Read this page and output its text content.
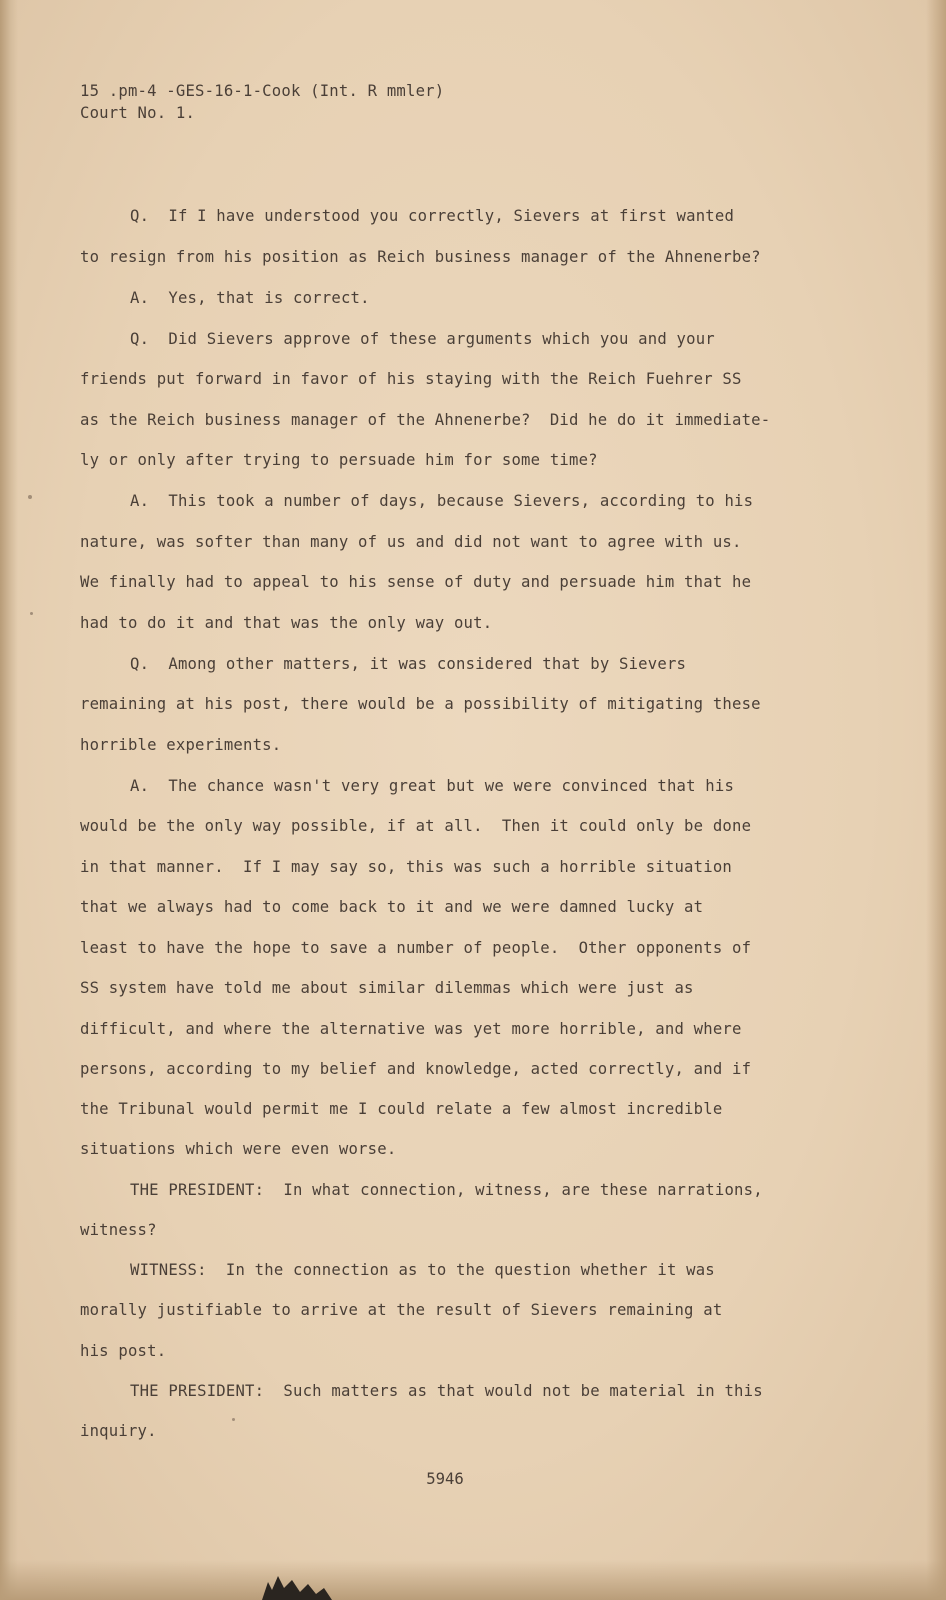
15 .pm-4 -GES-16-1-Cook (Int. R mmler)
Court No. 1.
Q.  If I have understood you correctly, Sievers at first wanted
to resign from his position as Reich business manager of the Ahnenerbe?
A.  Yes, that is correct.
Q.  Did Sievers approve of these arguments which you and your
friends put forward in favor of his staying with the Reich Fuehrer SS
as the Reich business manager of the Ahnenerbe?  Did he do it immediate-
ly or only after trying to persuade him for some time?
A.  This took a number of days, because Sievers, according to his
nature, was softer than many of us and did not want to agree with us.
We finally had to appeal to his sense of duty and persuade him that he
had to do it and that was the only way out.
Q.  Among other matters, it was considered that by Sievers
remaining at his post, there would be a possibility of mitigating these
horrible experiments.
A.  The chance wasn't very great but we were convinced that his
would be the only way possible, if at all.  Then it could only be done
in that manner.  If I may say so, this was such a horrible situation
that we always had to come back to it and we were damned lucky at
least to have the hope to save a number of people.  Other opponents of
SS system have told me about similar dilemmas which were just as
difficult, and where the alternative was yet more horrible, and where
persons, according to my belief and knowledge, acted correctly, and if
the Tribunal would permit me I could relate a few almost incredible
situations which were even worse.
THE PRESIDENT:  In what connection, witness, are these narrations,
witness?
WITNESS:  In the connection as to the question whether it was
morally justifiable to arrive at the result of Sievers remaining at
his post.
THE PRESIDENT:  Such matters as that would not be material in this
inquiry.
5946
